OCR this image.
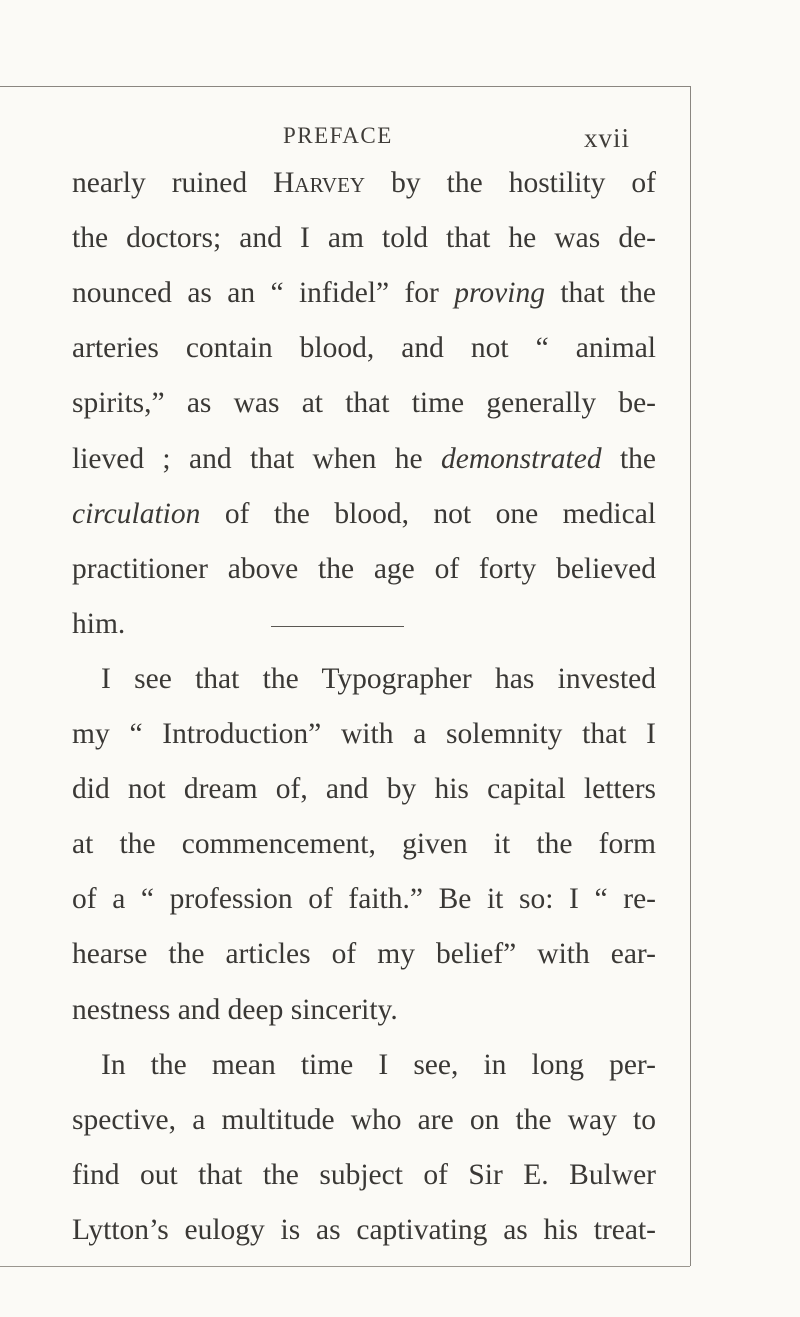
PREFACE	xvii
nearly ruined Harvey by the hostility of
the doctors; and I am told that he was de-
nounced as an “ infidel” for proving that the
arteries contain blood, and not “ animal
spirits,” as was at that time generally be-
lieved ; and that when he demonstrated the
circulation of the blood, not one medical
practitioner above the age of forty believed
him.
I see that the Typographer has invested
my “ Introduction” with a solemnity that I
did not dream of, and by his capital letters
at the commencement, given it the form
of a “ profession of faith.” Be it so: I “ re-
hearse the articles of my belief” with ear-
nestness and deep sincerity.
In the mean time I see, in long per-
spective, a multitude who are on the way to
find out that the subject of Sir E. Bulwer
Lytton’s eulogy is as captivating as his treat-
